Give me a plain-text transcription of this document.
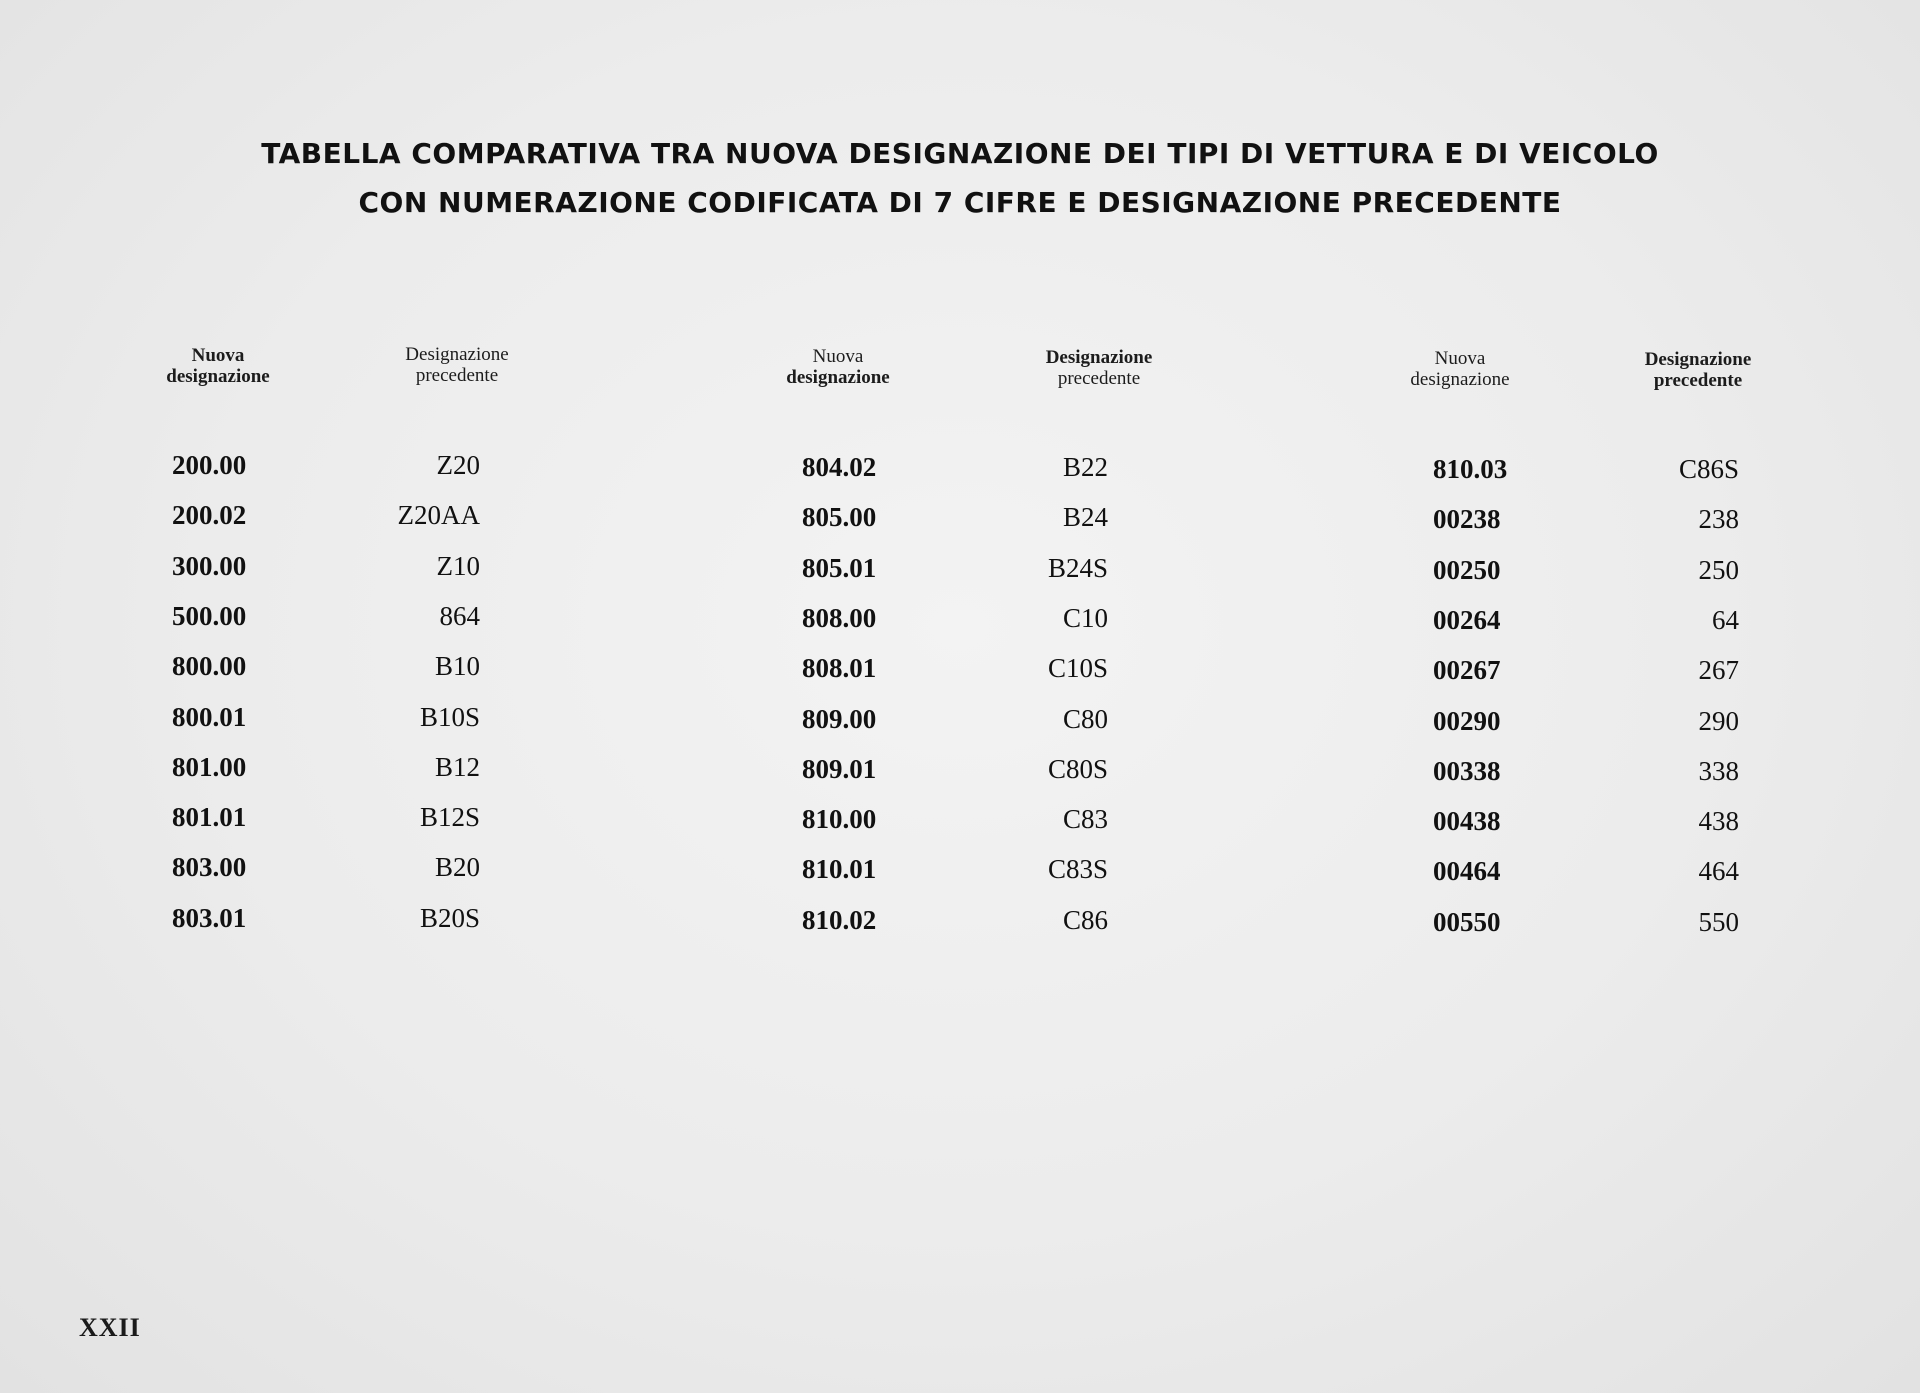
TABELLA COMPARATIVA TRA NUOVA DESIGNAZIONE DEI TIPI DI VETTURA E DI VEICOLO
CON NUMERAZIONE CODIFICATA DI 7 CIFRE E DESIGNAZIONE PRECEDENTE
Nuova
designazione
Designazione
precedente
Nuova
designazione
Designazione
precedente
Nuova
designazione
Designazione
precedente
200.00	Z20
200.02	Z20AA
300.00	Z10
500.00	864
800.00	B10
800.01	B10S
801.00	B12
801.01	B12S
803.00	B20
803.01	B20S
804.02	B22
805.00	B24
805.01	B24S
808.00	C10
808.01	C10S
809.00	C80
809.01	C80S
810.00	C83
810.01	C83S
810.02	C86
810.03	C86S
00238	238
00250	250
00264	64
00267	267
00290	290
00338	338
00438	438
00464	464
00550	550
XXII
